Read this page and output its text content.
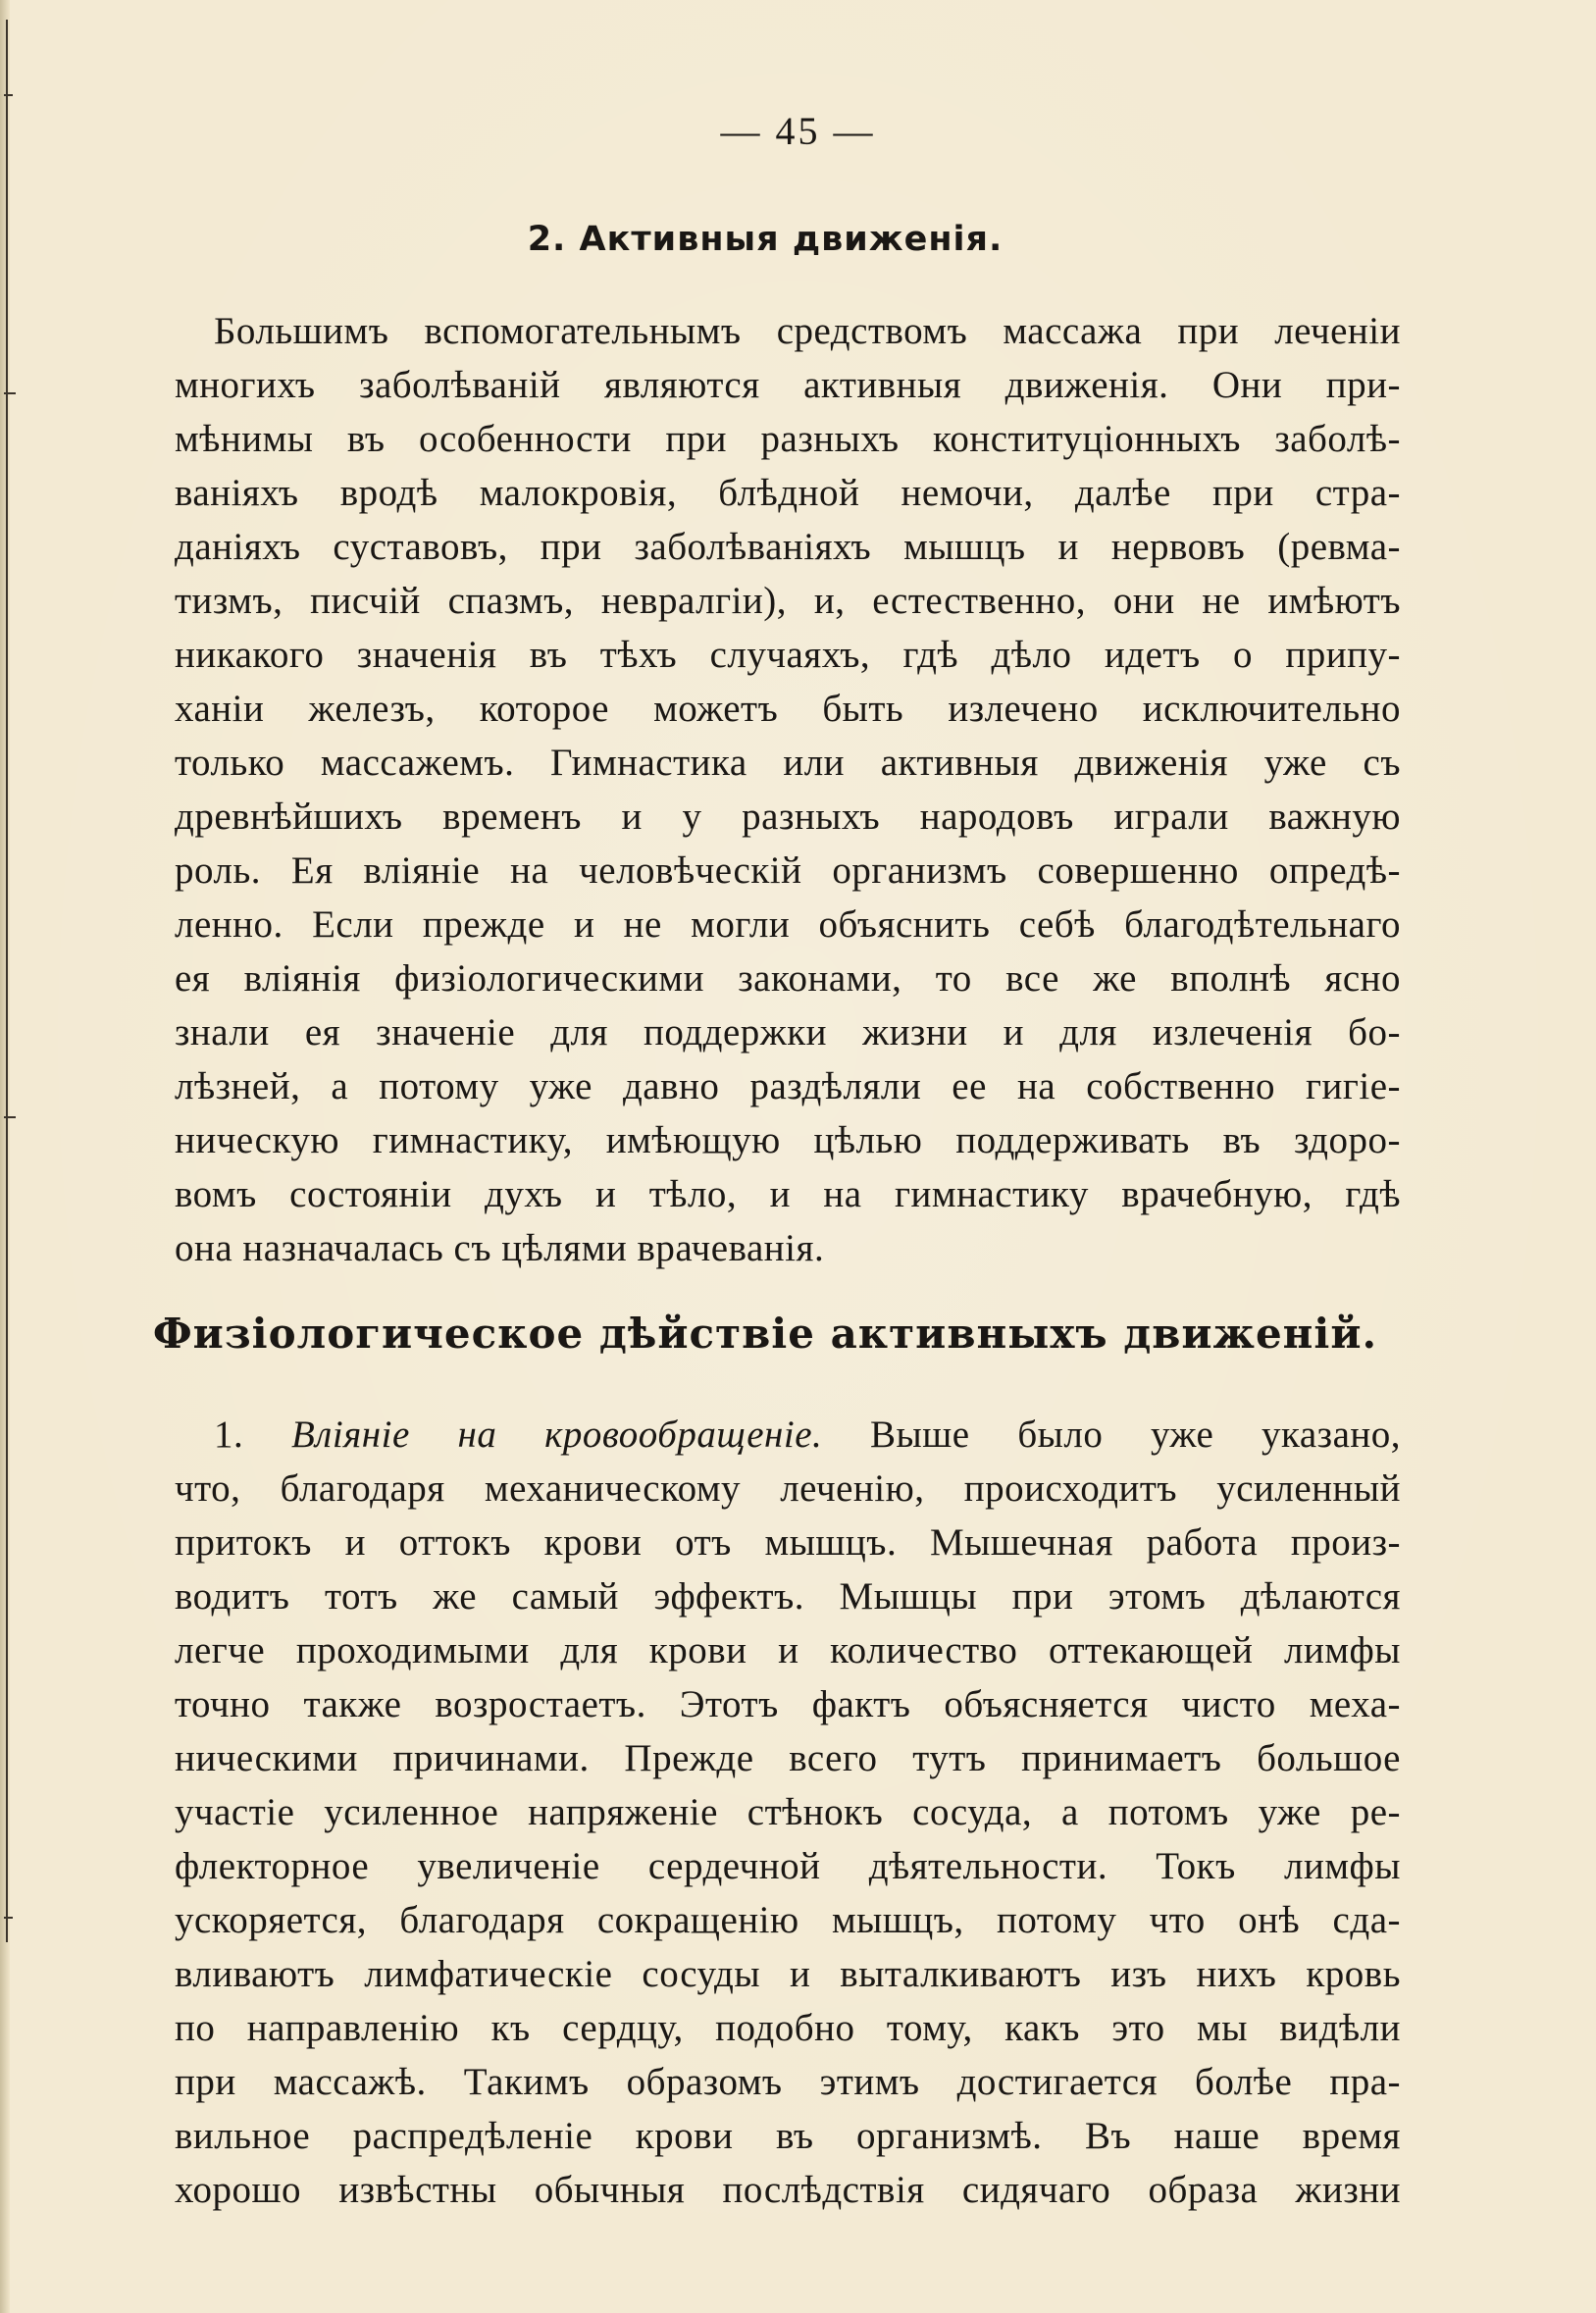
— 45 —
2. Активныя движенія.
Большимъ вспомогательнымъ средствомъ массажа при леченiи
многихъ заболѣванiй являются активныя движенiя. Они при-
мѣнимы въ особенности при разныхъ конституцiонныхъ заболѣ-
ванiяхъ вродѣ малокровiя, блѣдной немочи, далѣе при стра-
данiяхъ суставовъ, при заболѣванiяхъ мышцъ и нервовъ (ревма-
тизмъ, писчiй спазмъ, невралгiи), и, естественно, они не имѣютъ
никакого значенiя въ тѣхъ случаяхъ, гдѣ дѣло идетъ о припу-
ханiи железъ, которое можетъ быть излечено исключительно
только массажемъ. Гимнастика или активныя движенiя уже съ
древнѣйшихъ временъ и у разныхъ народовъ играли важную
роль. Ея влiянiе на человѣческiй организмъ совершенно опредѣ-
ленно. Если прежде и не могли объяснить себѣ благодѣтельнаго
ея влiянiя физiологическими законами, то все же вполнѣ ясно
знали ея значенiе для поддержки жизни и для излеченiя бо-
лѣзней, а потому уже давно раздѣляли ее на собственно гигiе-
ническую гимнастику, имѣющую цѣлью поддерживать въ здоро-
вомъ состоянiи духъ и тѣло, и на гимнастику врачебную, гдѣ
она назначалась съ цѣлями врачеванiя.
Физiологическое дѣйствiе активныхъ движенiй.
1. Влiянiе на кровообращенiе. Выше было уже указано,
что, благодаря механическому леченiю, происходитъ усиленный
притокъ и оттокъ крови отъ мышцъ. Мышечная работа произ-
водитъ тотъ же самый эффектъ. Мышцы при этомъ дѣлаются
легче проходимыми для крови и количество оттекающей лимфы
точно также возростаетъ. Этотъ фактъ объясняется чисто меха-
ническими причинами. Прежде всего тутъ принимаетъ большое
участiе усиленное напряженiе стѣнокъ сосуда, а потомъ уже ре-
флекторное увеличенiе сердечной дѣятельности. Токъ лимфы
ускоряется, благодаря сокращенiю мышцъ, потому что онѣ сда-
вливаютъ лимфатическiе сосуды и выталкиваютъ изъ нихъ кровь
по направленiю къ сердцу, подобно тому, какъ это мы видѣли
при массажѣ. Такимъ образомъ этимъ достигается болѣе пра-
вильное распредѣленiе крови въ организмѣ. Въ наше время
хорошо извѣстны обычныя послѣдствiя сидячаго образа жизни
